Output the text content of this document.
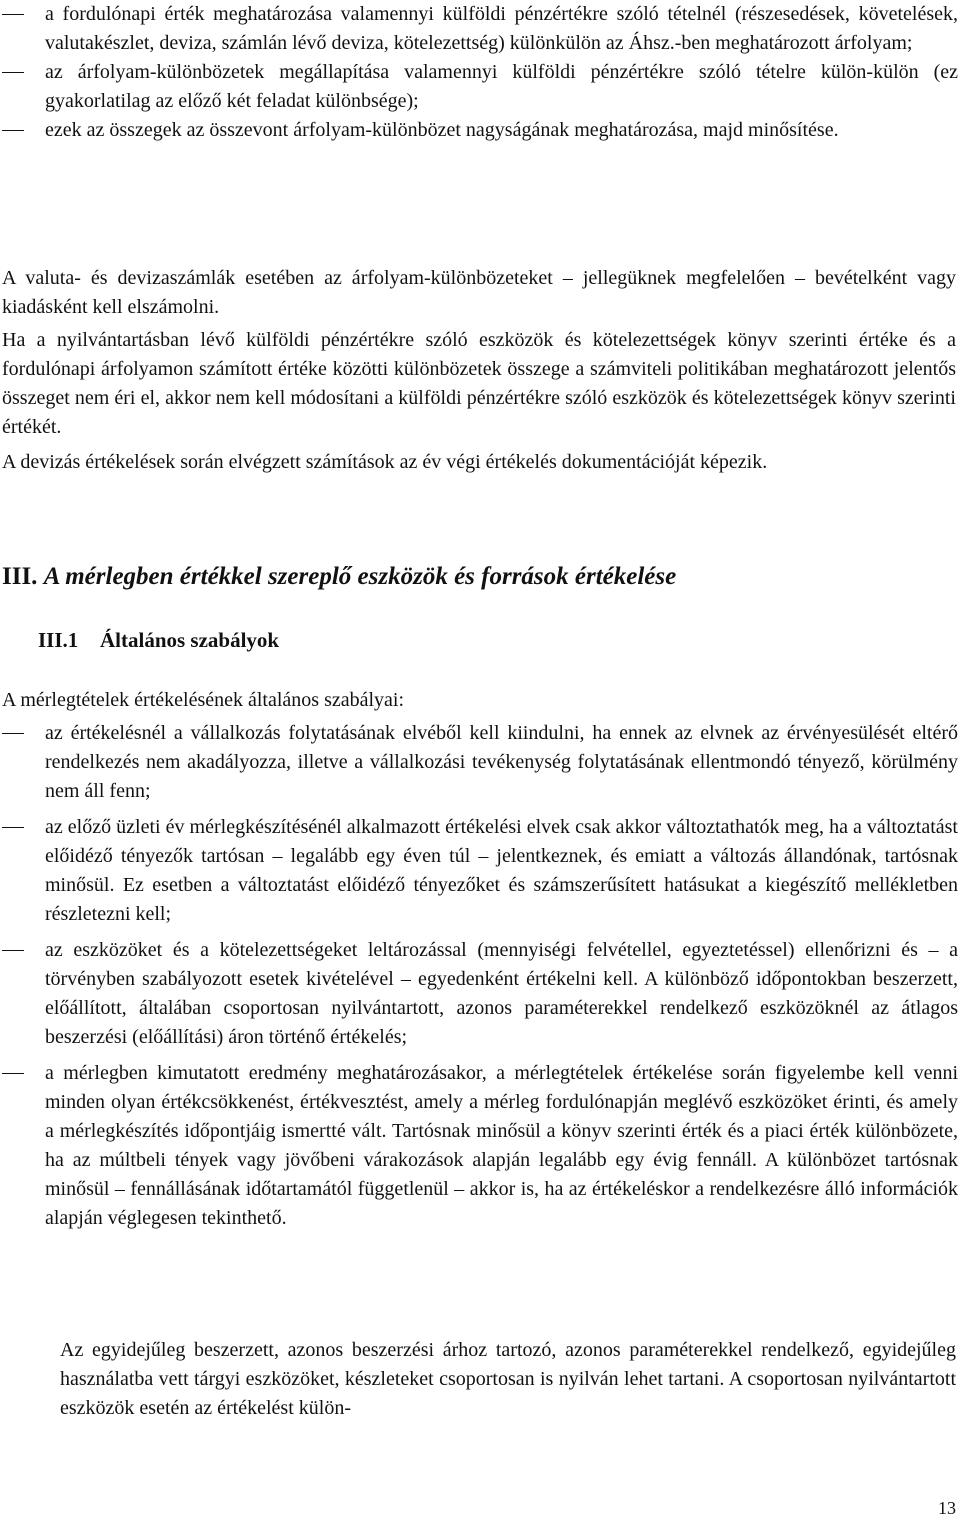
a fordulónapi érték meghatározása valamennyi külföldi pénzértékre szóló tételnél (részesedések, követelések, valutakészlet, deviza, számlán lévő deviza, kötelezettség) különkülön az Áhsz.-ben meghatározott árfolyam;
az árfolyam-különbözetek megállapítása valamennyi külföldi pénzértékre szóló tételre külön-külön (ez gyakorlatilag az előző két feladat különbsége);
ezek az összegek az összevont árfolyam-különbözet nagyságának meghatározása, majd minősítése.

A valuta- és devizaszámlák esetében az árfolyam-különbözeteket – jellegüknek megfelelően – bevételként vagy kiadásként kell elszámolni.

Ha a nyilvántartásban lévő külföldi pénzértékre szóló eszközök és kötelezettségek könyv szerinti értéke és a fordulónapi árfolyamon számított értéke közötti különbözetek összege a számviteli politikában meghatározott jelentős összeget nem éri el, akkor nem kell módosítani a külföldi pénzértékre szóló eszközök és kötelezettségek könyv szerinti értékét.

A devizás értékelések során elvégzett számítások az év végi értékelés dokumentációját képezik.

III. A mérlegben értékkel szereplő eszközök és források értékelése
III.1 Általános szabályok

A mérlegtételek értékelésének általános szabályai:

az értékelésnél a vállalkozás folytatásának elvéből kell kiindulni, ha ennek az elvnek az érvényesülését eltérő rendelkezés nem akadályozza, illetve a vállalkozási tevékenység folytatásának ellentmondó tényező, körülmény nem áll fenn;
az előző üzleti év mérlegkészítésénél alkalmazott értékelési elvek csak akkor változtathatók meg, ha a változtatást előidéző tényezők tartósan – legalább egy éven túl – jelentkeznek, és emiatt a változás állandónak, tartósnak minősül. Ez esetben a változtatást előidéző tényezőket és számszerűsített hatásukat a kiegészítő mellékletben részletezni kell;
az eszközöket és a kötelezettségeket leltározással (mennyiségi felvétellel, egyeztetéssel) ellenőrizni és – a törvényben szabályozott esetek kivételével – egyedenként értékelni kell. A különböző időpontokban beszerzett, előállított, általában csoportosan nyilvántartott, azonos paraméterekkel rendelkező eszközöknél az átlagos beszerzési (előállítási) áron történő értékelés;
a mérlegben kimutatott eredmény meghatározásakor, a mérlegtételek értékelése során figyelembe kell venni minden olyan értékcsökkenést, értékvesztést, amely a mérleg fordulónapján meglévő eszközöket érinti, és amely a mérlegkészítés időpontjáig ismertté vált. Tartósnak minősül a könyv szerinti érték és a piaci érték különbözete, ha az múltbeli tények vagy jövőbeni várakozások alapján legalább egy évig fennáll. A különbözet tartósnak minősül – fennállásának időtartamától függetlenül – akkor is, ha az értékeléskor a rendelkezésre álló információk alapján véglegesen tekinthető.

Az egyidejűleg beszerzett, azonos beszerzési árhoz tartozó, azonos paraméterekkel rendelkező, egyidejűleg használatba vett tárgyi eszközöket, készleteket csoportosan is nyilván lehet tartani. A csoportosan nyilvántartott eszközök esetén az értékelést külön-

13
